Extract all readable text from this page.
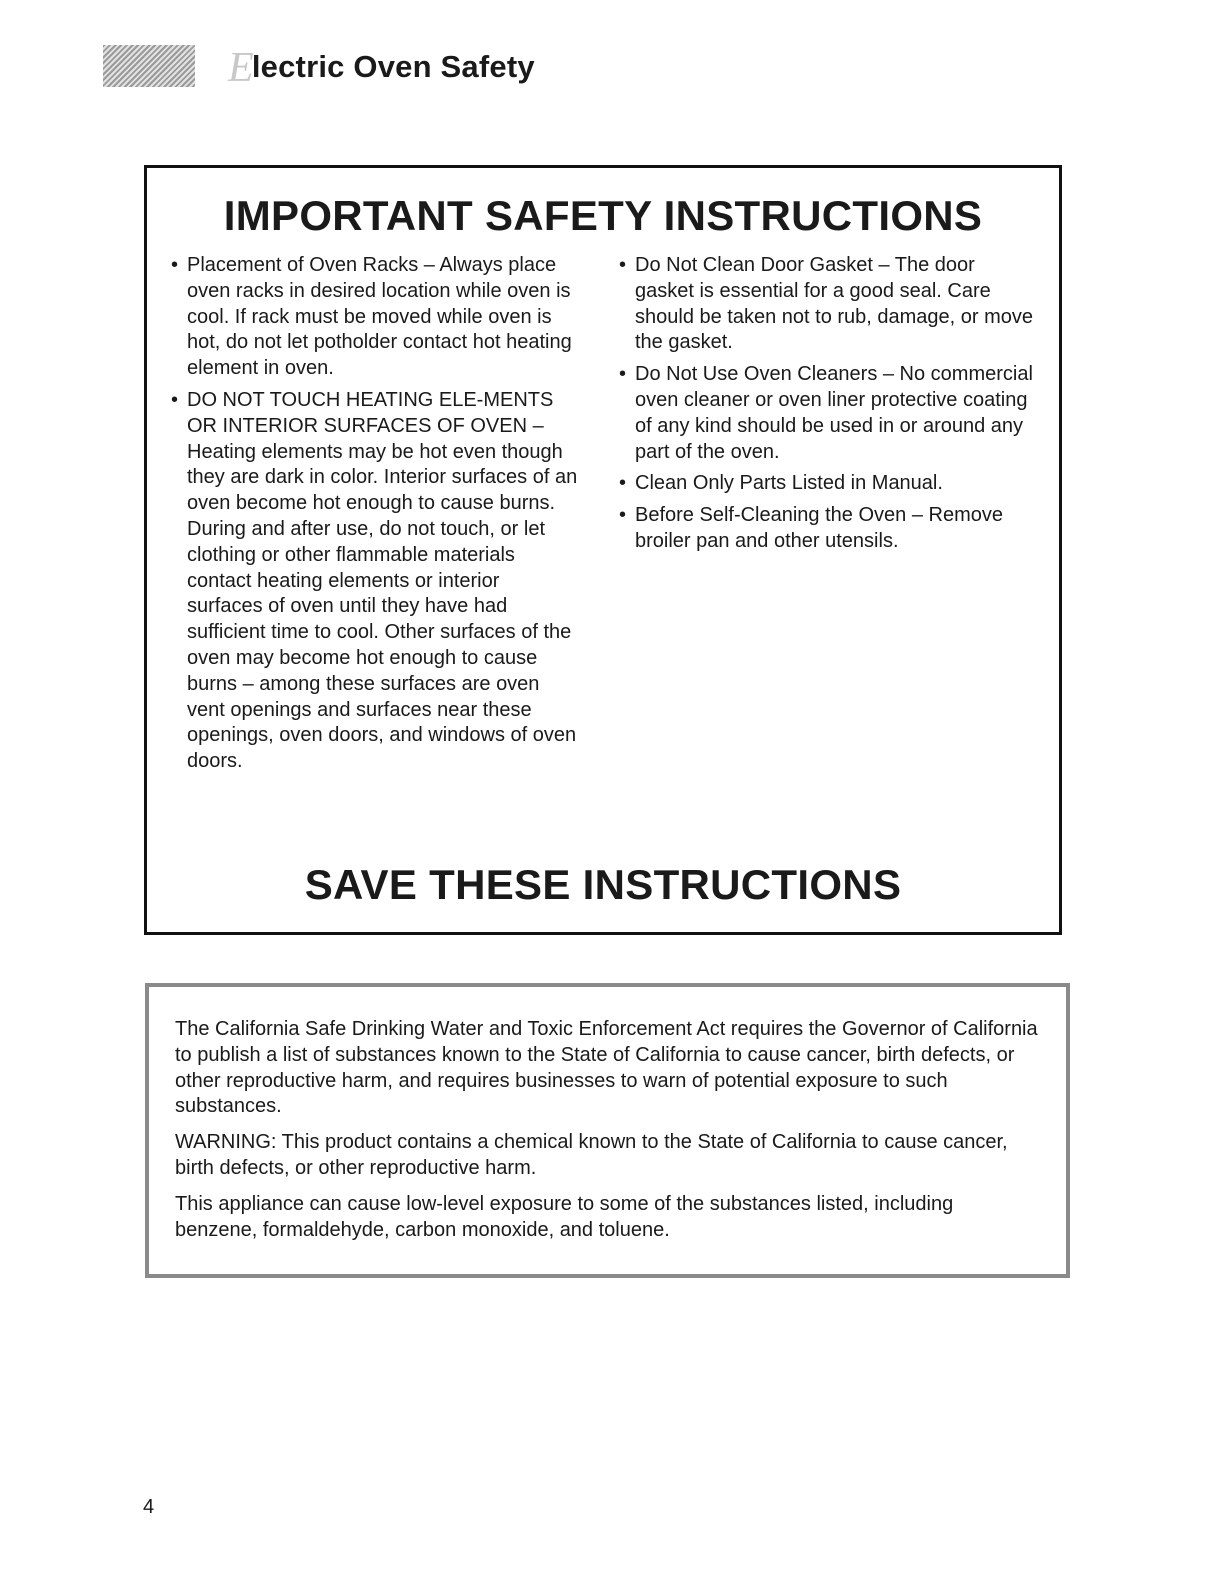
Electric Oven Safety
IMPORTANT SAFETY INSTRUCTIONS
• Placement of Oven Racks – Always place oven racks in desired location while oven is cool. If rack must be moved while oven is hot, do not let potholder contact hot heating element in oven.
• DO NOT TOUCH HEATING ELE-MENTS OR INTERIOR SURFACES OF OVEN – Heating elements may be hot even though they are dark in color. Interior surfaces of an oven become hot enough to cause burns. During and after use, do not touch, or let clothing or other flammable materials contact heating elements or interior surfaces of oven until they have had sufficient time to cool. Other surfaces of the oven may become hot enough to cause burns – among these surfaces are oven vent openings and surfaces near these openings, oven doors, and windows of oven doors.
• Do Not Clean Door Gasket – The door gasket is essential for a good seal. Care should be taken not to rub, damage, or move the gasket.
• Do Not Use Oven Cleaners – No commercial oven cleaner or oven liner protective coating of any kind should be used in or around any part of the oven.
• Clean Only Parts Listed in Manual.
• Before Self-Cleaning the Oven – Remove broiler pan and other utensils.
SAVE THESE INSTRUCTIONS

The California Safe Drinking Water and Toxic Enforcement Act requires the Governor of California to publish a list of substances known to the State of California to cause cancer, birth defects, or other reproductive harm, and requires businesses to warn of potential exposure to such substances.

WARNING: This product contains a chemical known to the State of California to cause cancer, birth defects, or other reproductive harm.

This appliance can cause low-level exposure to some of the substances listed, including benzene, formaldehyde, carbon monoxide, and toluene.

4
